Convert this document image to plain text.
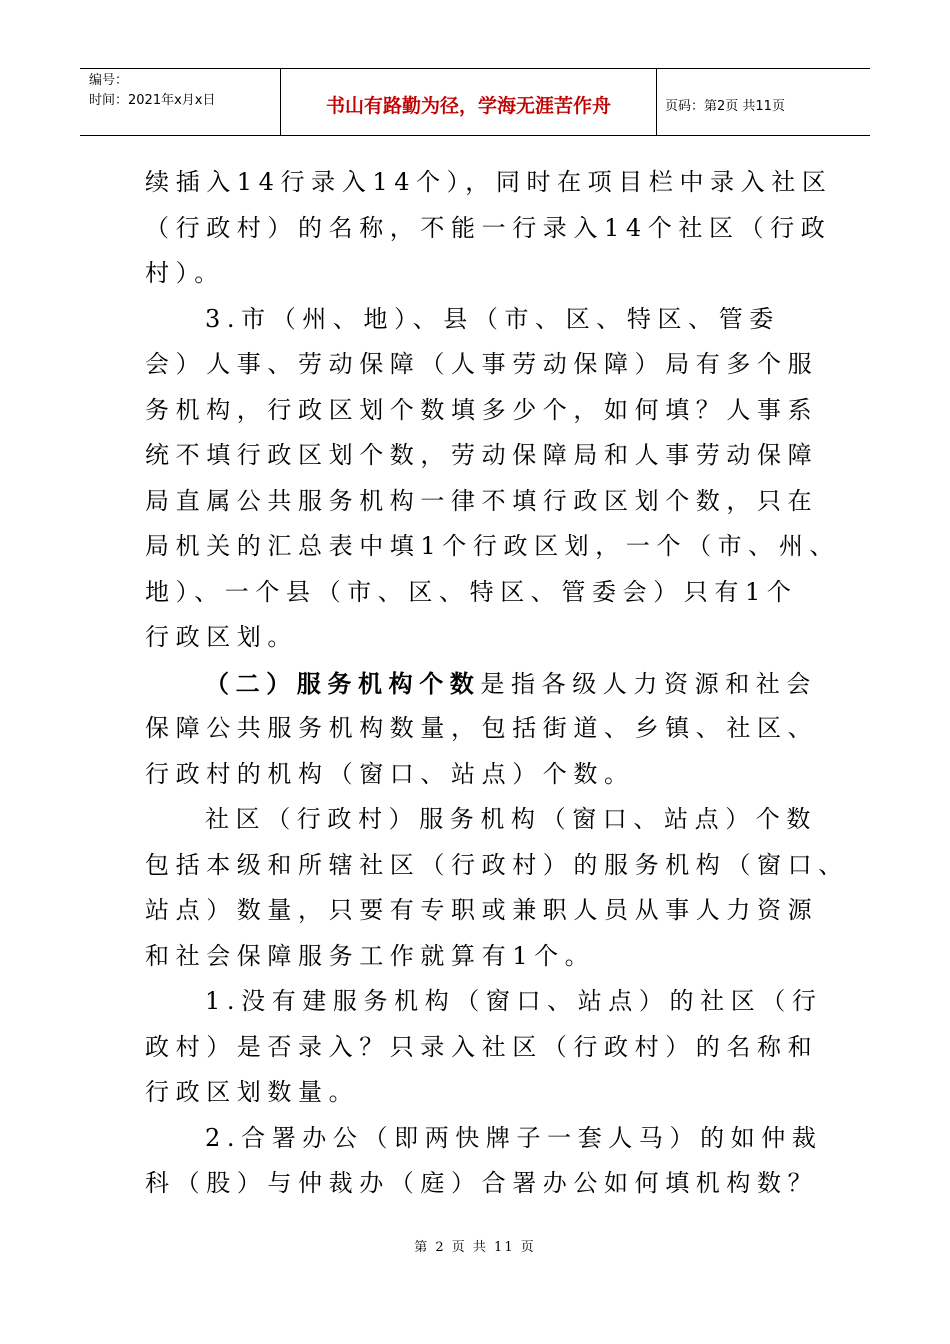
编号：
时间：2021年x月x日	书山有路勤为径，学海无涯苦作舟	页码：第2页 共11页
续插入14行录入14个），同时在项目栏中录入社区
（行政村）的名称，不能一行录入14个社区（行政
村）。
3.市（州、地）、县（市、区、特区、管委
会）人事、劳动保障（人事劳动保障）局有多个服
务机构，行政区划个数填多少个，如何填？人事系
统不填行政区划个数，劳动保障局和人事劳动保障
局直属公共服务机构一律不填行政区划个数，只在
局机关的汇总表中填1个行政区划，一个（市、州、
地）、一个县（市、区、特区、管委会）只有1个
行政区划。
（二）服务机构个数是指各级人力资源和社会
保障公共服务机构数量，包括街道、乡镇、社区、
行政村的机构（窗口、站点）个数。
社区（行政村）服务机构（窗口、站点）个数
包括本级和所辖社区（行政村）的服务机构（窗口、
站点）数量，只要有专职或兼职人员从事人力资源
和社会保障服务工作就算有1个。
1.没有建服务机构（窗口、站点）的社区（行
政村）是否录入？只录入社区（行政村）的名称和
行政区划数量。
2.合署办公（即两快牌子一套人马）的如仲裁
科（股）与仲裁办（庭）合署办公如何填机构数？
第 2 页 共 11 页
